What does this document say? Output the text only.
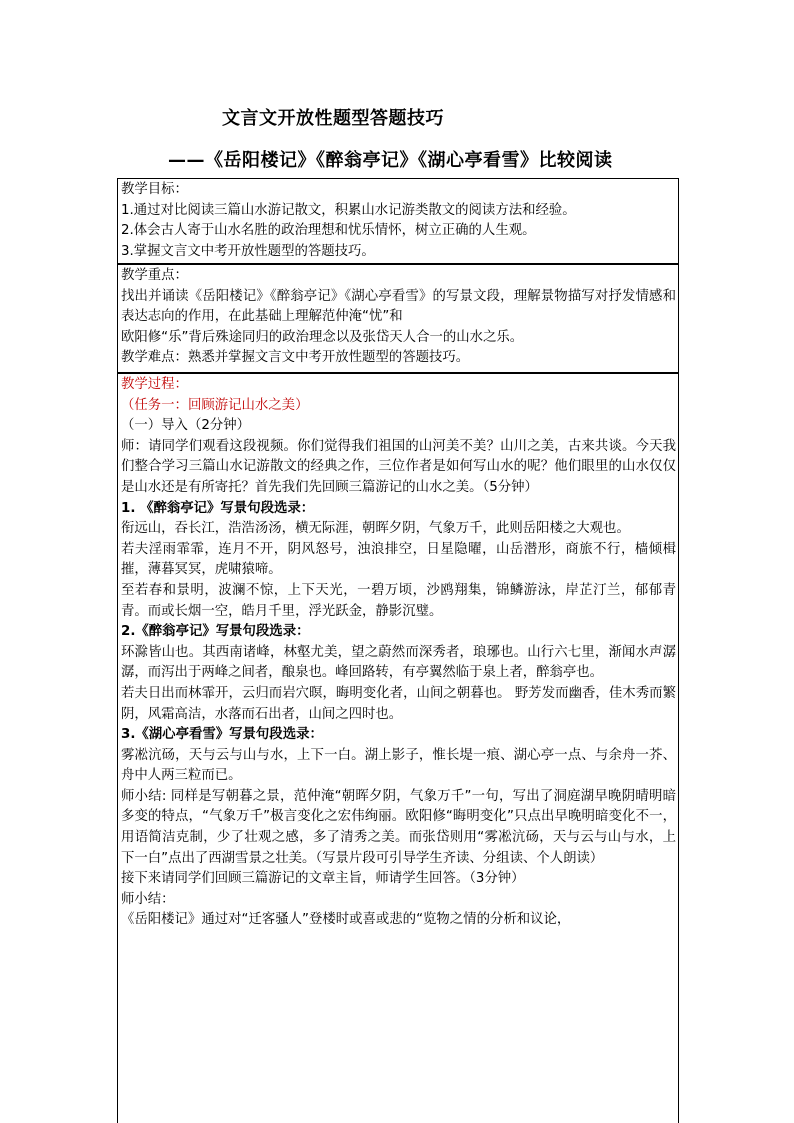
文言文开放性题型答题技巧
——《岳阳楼记》《醉翁亭记》《湖心亭看雪》比较阅读

教学目标：

1.通过对比阅读三篇山水游记散文，积累山水记游类散文的阅读方法和经验。

2.体会古人寄于山水名胜的政治理想和忧乐情怀，树立正确的人生观。

3.掌握文言文中考开放性题型的答题技巧。

教学重点：

找出并诵读《岳阳楼记》《醉翁亭记》《湖心亭看雪》的写景文段，理解景物描写对抒发情感和表达志向的作用，在此基础上理解范仲淹“忧”和

欧阳修“乐”背后殊途同归的政治理念以及张岱天人合一的山水之乐。

教学难点：熟悉并掌握文言文中考开放性题型的答题技巧。

教学过程：

（任务一：回顾游记山水之美）

（一）导入（2分钟）

师：请同学们观看这段视频。你们觉得我们祖国的山河美不美？山川之美，古来共谈。今天我们整合学习三篇山水记游散文的经典之作，三位作者是如何写山水的呢？他们眼里的山水仅仅是山水还是有所寄托？首先我们先回顾三篇游记的山水之美。（5分钟）

1. 《醉翁亭记》写景句段选录：

衔远山，吞长江，浩浩汤汤，横无际涯，朝晖夕阴，气象万千，此则岳阳楼之大观也。

若夫淫雨霏霏，连月不开，阴风怒号，浊浪排空，日星隐曜，山岳潜形，商旅不行，樯倾楫摧，薄暮冥冥，虎啸猿啼。

至若春和景明，波澜不惊，上下天光，一碧万顷，沙鸥翔集，锦鳞游泳，岸芷汀兰，郁郁青青。而或长烟一空，皓月千里，浮光跃金，静影沉璧。

2.《醉翁亭记》写景句段选录：

环滁皆山也。其西南诸峰，林壑尤美，望之蔚然而深秀者，琅琊也。山行六七里，渐闻水声潺潺，而泻出于两峰之间者，酿泉也。峰回路转，有亭翼然临于泉上者，醉翁亭也。

若夫日出而林霏开，云归而岩穴暝，晦明变化者，山间之朝暮也。 野芳发而幽香，佳木秀而繁阴，风霜高洁，水落而石出者，山间之四时也。

3.《湖心亭看雪》写景句段选录：

雾凇沆砀，天与云与山与水，上下一白。湖上影子，惟长堤一痕、湖心亭一点、与余舟一芥、舟中人两三粒而已。

师小结: 同样是写朝暮之景，范仲淹“朝晖夕阴，气象万千”一句，写出了洞庭湖早晚阴晴明暗多变的特点，“气象万千”极言变化之宏伟绚丽。欧阳修“晦明变化”只点出早晚明暗变化不一，用语简洁克制，少了壮观之感，多了清秀之美。而张岱则用“雾凇沆砀，天与云与山与水，上下一白”点出了西湖雪景之壮美。（写景片段可引导学生齐读、分组读、个人朗读）

接下来请同学们回顾三篇游记的文章主旨，师请学生回答。（3分钟）

师小结：

《岳阳楼记》通过对“迁客骚人”登楼时或喜或悲的“览物之情的分析和议论，
